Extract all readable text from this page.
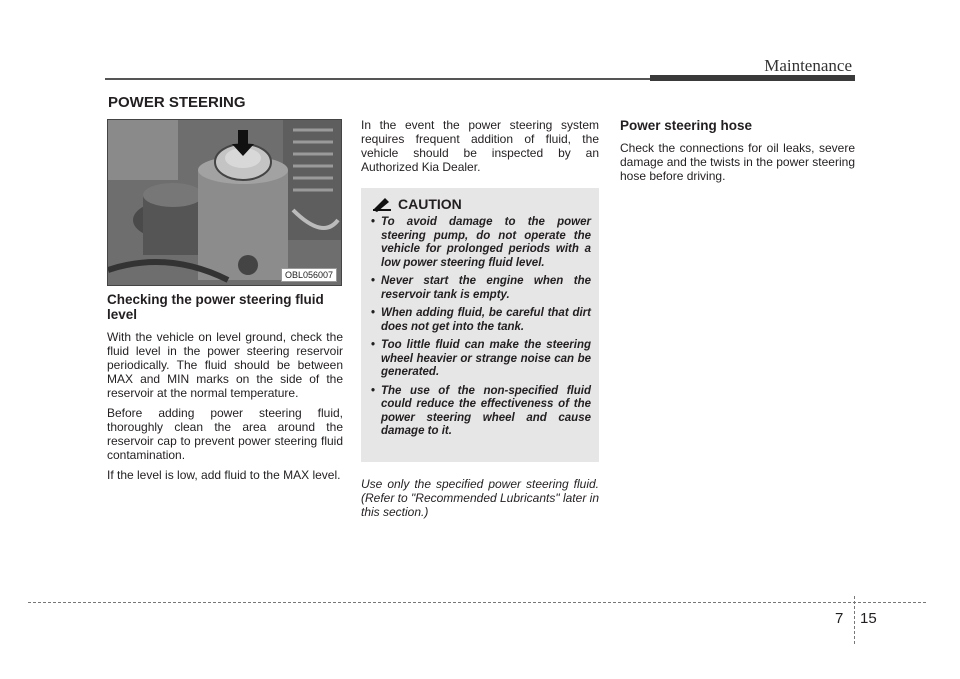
Maintenance
POWER STEERING
OBL056007
Checking the power steering fluid level

With the vehicle on level ground, check the fluid level in the power steering reservoir periodically. The fluid should be between MAX and MIN marks on the side of the reservoir at the normal temperature.

Before adding power steering fluid, thoroughly clean the area around the reservoir cap to prevent power steering fluid contamination.

If the level is low, add fluid to the MAX level.

In the event the power steering system requires frequent addition of fluid, the vehicle should be inspected by an Authorized Kia Dealer.

CAUTION
• To avoid damage to the power steering pump, do not operate the vehicle for prolonged periods with a low power steering fluid level.
• Never start the engine when the reservoir tank is empty.
• When adding fluid, be careful that dirt does not get into the tank.
• Too little fluid can make the steering wheel heavier or strange noise can be generated.
• The use of the non-specified fluid could reduce the effectiveness of the power steering wheel and cause damage to it.
Use only the specified power steering fluid. (Refer to "Recommended Lubricants" later in this section.)
Power steering hose

Check the connections for oil leaks, severe damage and the twists in the power steering hose before driving.

7 15
